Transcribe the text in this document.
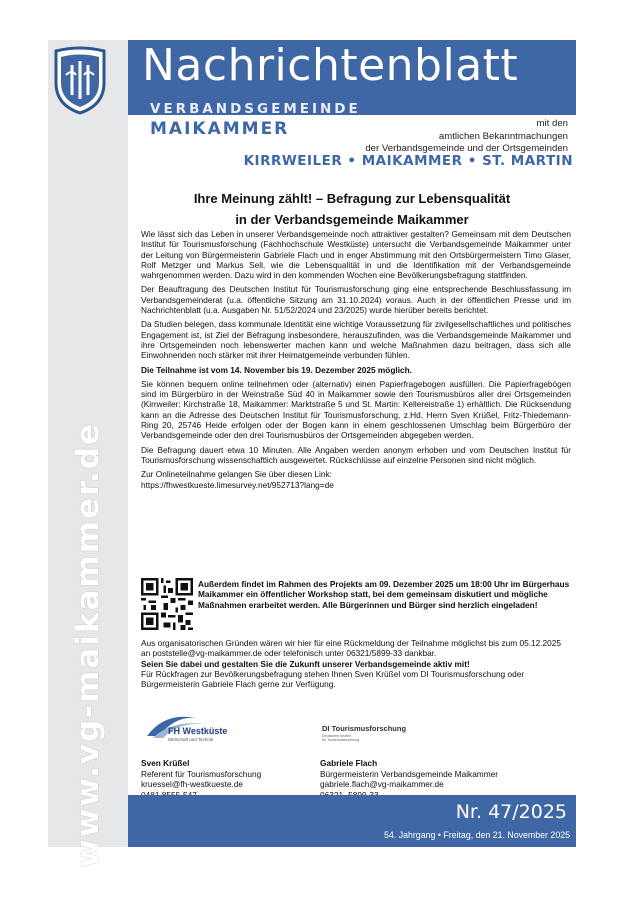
www.vg-maikammer.de
Nachrichtenblatt
VERBANDSGEMEINDE
MAIKAMMER	mit den
amtlichen Bekanntmachungen
der Verbandsgemeinde und der Ortsgemeinden
KIRRWEILER • MAIKAMMER • ST. MARTIN
Ihre Meinung zählt! – Befragung zur Lebensqualität
in der Verbandsgemeinde Maikammer

Wie lässt sich das Leben in unserer Verbandsgemeinde noch attraktiver gestalten? Gemeinsam mit dem Deutschen Institut für Tourismusforschung (Fachhochschule Westküste) untersucht die Verbandsgemeinde Maikammer unter der Leitung von Bürgermeisterin Gabriele Flach und in enger Abstimmung mit den Ortsbürgermeistern Timo Glaser, Rolf Metzger und Markus Sell, wie die Lebensqualität in und die Identifikation mit der Verbandsgemeinde wahrgenommen werden. Dazu wird in den kommenden Wochen eine Bevölkerungsbefragung stattfinden.

Der Beauftragung des Deutschen Institut für Tourismusforschung ging eine entsprechende Beschlussfassung im Verbandsgemeinderat (u.a. öffentliche Sitzung am 31.10.2024) voraus. Auch in der öffentlichen Presse und im Nachrichtenblatt (u.a. Ausgaben Nr. 51/52/2024 und 23/2025) wurde hierüber bereits berichtet.

Da Studien belegen, dass kommunale Identität eine wichtige Voraussetzung für zivilgesellschaftliches und politisches Engagement ist, ist Ziel der Befragung insbesondere, herauszufinden, was die Verbandsgemeinde Maikammer und ihre Ortsgemeinden noch lebenswerter machen kann und welche Maßnahmen dazu beitragen, dass sich alle Einwohnenden noch stärker mit ihrer Heimatgemeinde verbunden fühlen.

Die Teilnahme ist vom 14. November bis 19. Dezember 2025 möglich.

Sie können bequem online teilnehmen oder (alternativ) einen Papierfragebogen ausfüllen. Die Papierfragebögen sind im Bürgerbüro in der Weinstraße Süd 40 in Maikammer sowie den Tourismusbüros aller drei Ortsgemeinden (Kirrweiler: Kirchstraße 18, Maikammer: Marktstraße 5 und St. Martin: Kellereistraße 1) erhältlich. Die Rücksendung kann an die Adresse des Deutschen Institut für Tourismusforschung, z.Hd. Herrn Sven Krüßel, Fritz-Thiedemann-Ring 20, 25746 Heide erfolgen oder der Bogen kann in einem geschlossenen Umschlag beim Bürgerbüro der Verbandsgemeinde oder den drei Tourismusbüros der Ortsgemeinden abgegeben werden.

Die Befragung dauert etwa 10 Minuten. Alle Angaben werden anonym erhoben und vom Deutschen Institut für Tourismusforschung wissenschaftlich ausgewertet. Rückschlüsse auf einzelne Personen sind nicht möglich.

Zur Onlineteilnahme gelangen Sie über diesen Link:
https://fhwestkueste.limesurvey.net/952713?lang=de

Außerdem findet im Rahmen des Projekts am 09. Dezember 2025 um 18:00 Uhr im Bürgerhaus Maikammer ein öffentlicher Workshop statt, bei dem gemeinsam diskutiert und mögliche Maßnahmen erarbeitet werden. Alle Bürgerinnen und Bürger sind herzlich eingeladen!

Aus organisatorischen Gründen wären wir hier für eine Rückmeldung der Teilnahme möglichst bis zum 05.12.2025 an poststelle@vg-maikammer.de oder telefonisch unter 06321/5899-33 dankbar.

Seien Sie dabei und gestalten Sie die Zukunft unserer Verbandsgemeinde aktiv mit!

Für Rückfragen zur Bevölkerungsbefragung stehen Ihnen Sven Krüßel vom DI Tourismusforschung oder Bürgermeisterin Gabriele Flach gerne zur Verfügung.

FH Westküste
Wirtschaft und Technik
DI Tourismusforschung
Deutsches Institut
für Tourismusforschung
Sven Krüßel
Referent für Tourismusforschung
kruessel@fh-westkueste.de
Gabriele Flach
Bürgermeisterin Verbandsgemeinde Maikammer
gabriele.flach@vg-maikammer.de
Nr. 47/2025
54. Jahrgang • Freitag, den 21. November 2025
